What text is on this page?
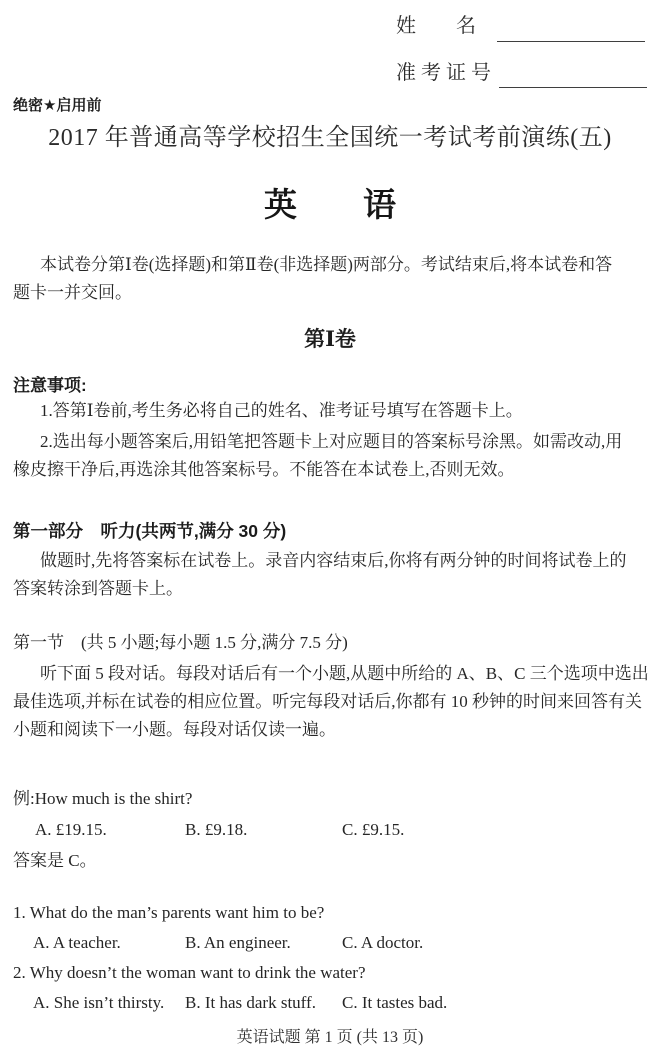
姓　　名
准考证号
绝密★启用前
2017 年普通高等学校招生全国统一考试考前演练(五)
英　　语
本试卷分第Ⅰ卷(选择题)和第Ⅱ卷(非选择题)两部分。考试结束后,将本试卷和答
题卡一并交回。
第Ⅰ卷
注意事项:
1.答第Ⅰ卷前,考生务必将自己的姓名、准考证号填写在答题卡上。
2.选出每小题答案后,用铅笔把答题卡上对应题目的答案标号涂黑。如需改动,用
橡皮擦干净后,再选涂其他答案标号。不能答在本试卷上,否则无效。
第一部分　听力(共两节,满分 30 分)
做题时,先将答案标在试卷上。录音内容结束后,你将有两分钟的时间将试卷上的
答案转涂到答题卡上。
第一节　(共 5 小题;每小题 1.5 分,满分 7.5 分)
听下面 5 段对话。每段对话后有一个小题,从题中所给的 A、B、C 三个选项中选出
最佳选项,并标在试卷的相应位置。听完每段对话后,你都有 10 秒钟的时间来回答有关
小题和阅读下一小题。每段对话仅读一遍。
例:How much is the shirt?
A. £19.15.	B. £9.18.	C. £9.15.
答案是 C。
1. What do the man’s parents want him to be?
A. A teacher.	B. An engineer.	C. A doctor.
2. Why doesn’t the woman want to drink the water?
A. She isn’t thirsty.	B. It has dark stuff.	C. It tastes bad.
英语试题 第 1 页 (共 13 页)
